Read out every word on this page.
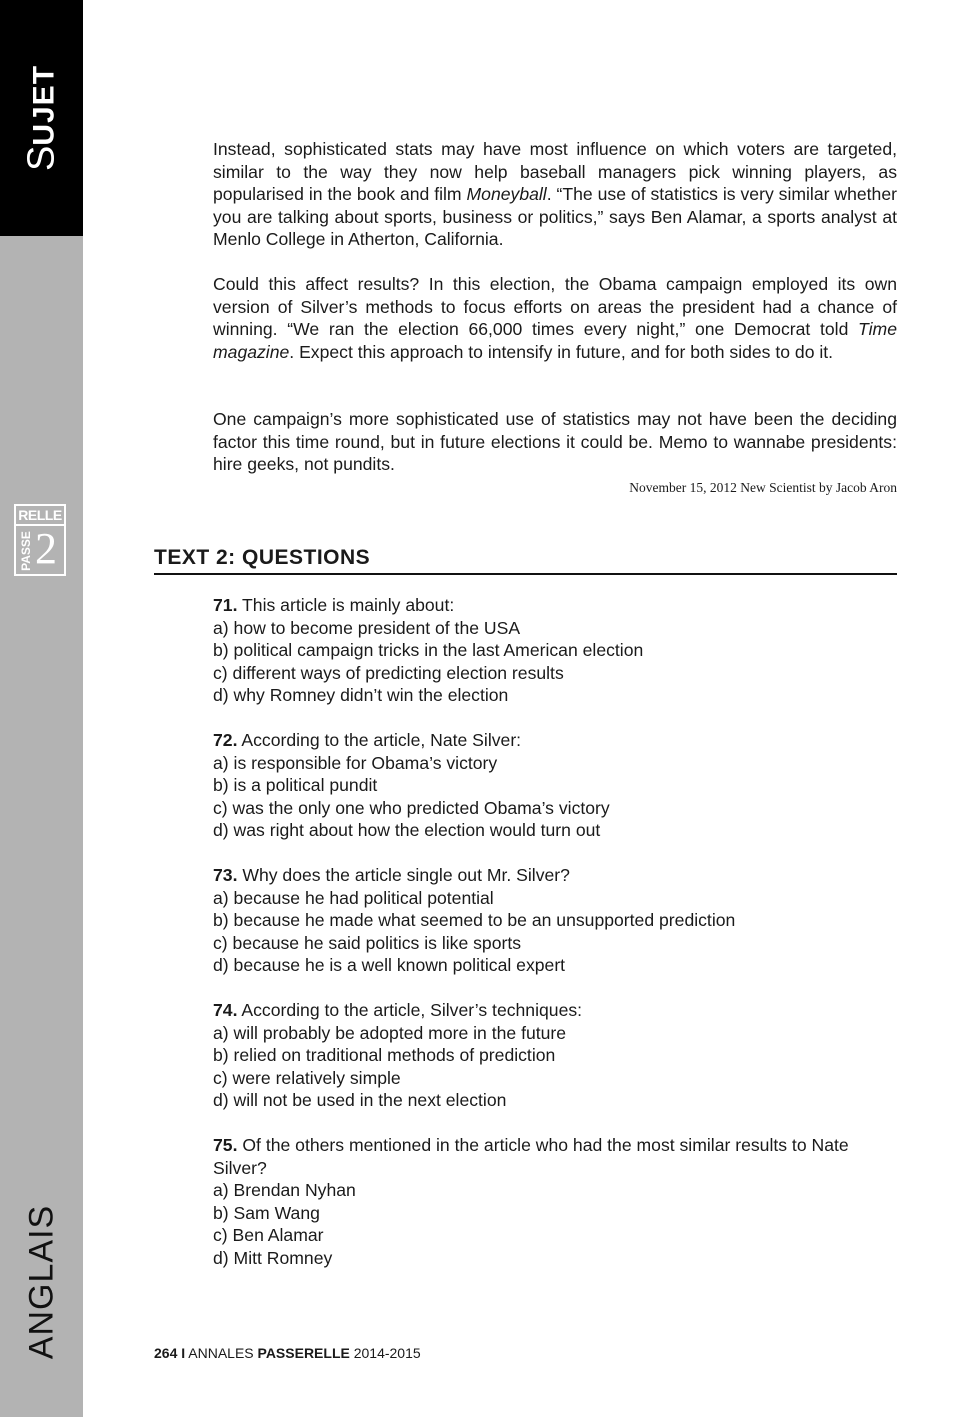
SUJET
RELLE
PASSE 2
ANGLAIS

Instead, sophisticated stats may have most influence on which voters are targeted, similar to the way they now help baseball managers pick winning players, as popularised in the book and film Moneyball. “The use of statistics is very similar whether you are talking about sports, business or politics,” says Ben Alamar, a sports analyst at Menlo College in Atherton, California.

Could this affect results? In this election, the Obama campaign employed its own version of Silver’s methods to focus efforts on areas the president had a chance of winning. “We ran the election 66,000 times every night,” one Democrat told Time magazine. Expect this approach to intensify in future, and for both sides to do it.

One campaign’s more sophisticated use of statistics may not have been the deciding factor this time round, but in future elections it could be. Memo to wannabe presidents: hire geeks, not pundits.

November 15, 2012 New Scientist by Jacob Aron
TEXT 2: QUESTIONS
71. This article is mainly about:
a) how to become president of the USA
b) political campaign tricks in the last American election
c) different ways of predicting election results
d) why Romney didn’t win the election
72. According to the article, Nate Silver:
a) is responsible for Obama’s victory
b) is a political pundit
c) was the only one who predicted Obama’s victory
d) was right about how the election would turn out
73. Why does the article single out Mr. Silver?
a) because he had political potential
b) because he made what seemed to be an unsupported prediction
c) because he said politics is like sports
d) because he is a well known political expert
74. According to the article, Silver’s techniques:
a) will probably be adopted more in the future
b) relied on traditional methods of prediction
c) were relatively simple
d) will not be used in the next election
75. Of the others mentioned in the article who had the most similar results to Nate Silver?
a) Brendan Nyhan
b) Sam Wang
c) Ben Alamar
d) Mitt Romney
264 I ANNALES PASSERELLE 2014-2015
